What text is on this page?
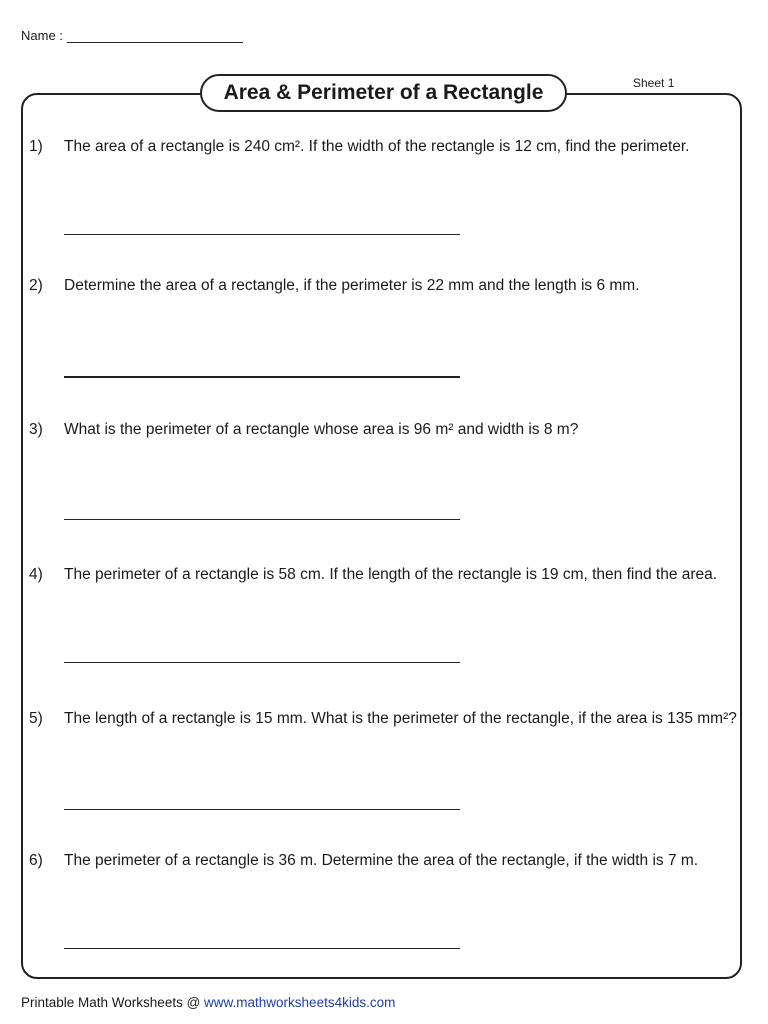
Name :
Sheet 1
Area & Perimeter of a Rectangle
1) The area of a rectangle is 240 cm². If the width of the rectangle is 12 cm, find the perimeter.
2) Determine the area of a rectangle, if the perimeter is 22 mm and the length is 6 mm.
3) What is the perimeter of a rectangle whose area is 96 m² and width is 8 m?
4) The perimeter of a rectangle is 58 cm. If the length of the rectangle is 19 cm, then find the area.
5) The length of a rectangle is 15 mm. What is the perimeter of the rectangle, if the area is 135 mm²?
6) The perimeter of a rectangle is 36 m. Determine the area of the rectangle, if the width is 7 m.
Printable Math Worksheets @ www.mathworksheets4kids.com
